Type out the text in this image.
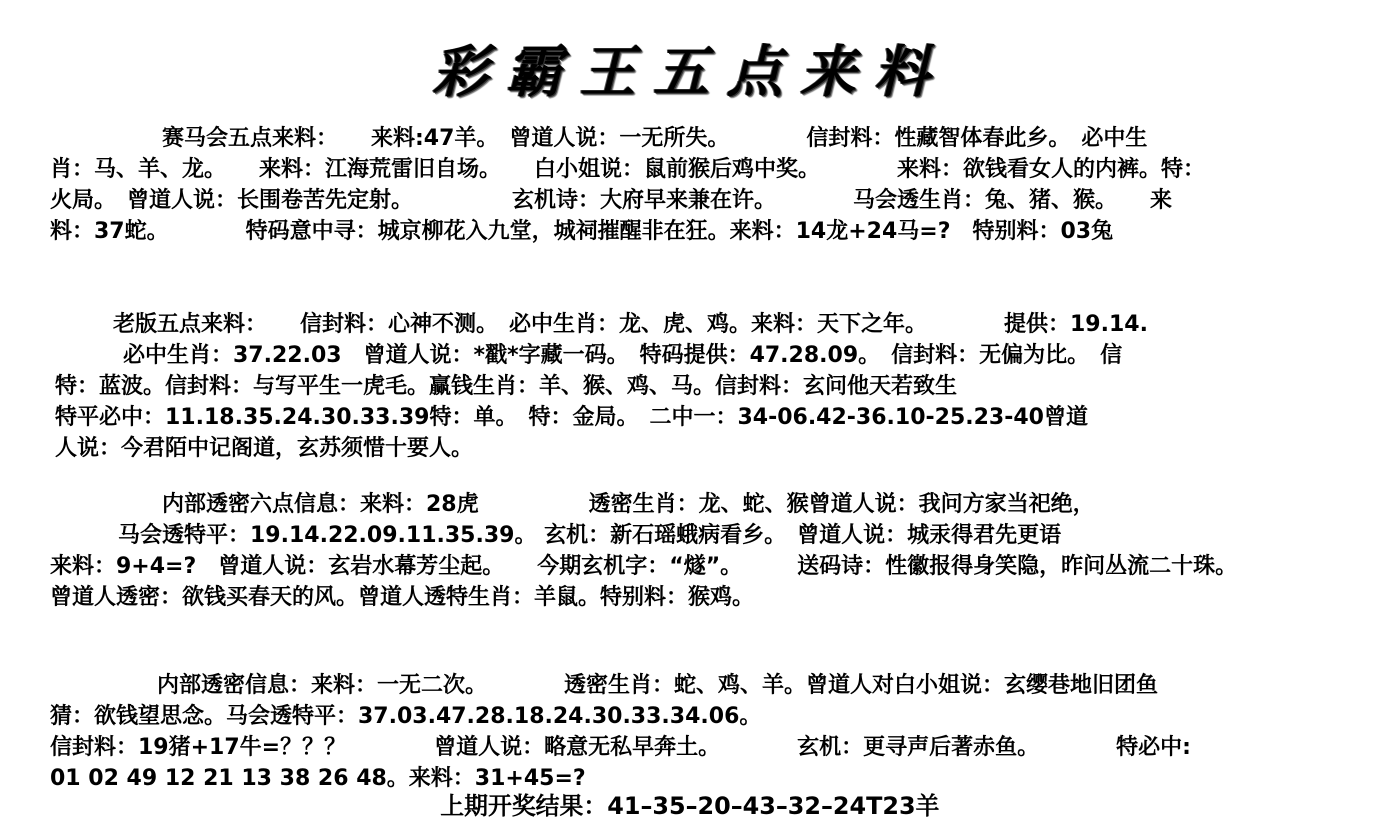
彩霸王五点来料
赛马会五点来料：　　来料:47羊。　曾道人说：一无所失。　　　　信封料：性藏智体春此乡。　必中生
肖：马、羊、龙。　　来料：江海荒雷旧自场。　　白小姐说：鼠前猴后鸡中奖。　　　　来料：欲钱看女人的内裤。特：
火局。　曾道人说：长围卷苦先定射。　　　　　玄机诗：大府早来兼在许。　　　　马会透生肖：兔、猪、猴。　　来
料：37蛇。　　　　特码意中寻：城京柳花入九堂，城祠摧醒非在狂。来料：14龙+24马=?　特别料：03兔
老版五点来料：　　信封料：心神不测。　必中生肖：龙、虎、鸡。来料：天下之年。　　　　提供：19.14.
必中生肖：37.22.03　曾道人说：*戳*字藏一码。　特码提供：47.28.09。　信封料：无偏为比。　信
特：蓝波。信封料：与写平生一虎毛。赢钱生肖：羊、猴、鸡、马。信封料：玄问他天若致生
特平必中：11.18.35.24.30.33.39特：单。　特：金局。　二中一：34-06.42-36.10-25.23-40曾道
人说：今君陌中记阁道，玄苏须惜十要人。
内部透密六点信息：来料：28虎　　　　　透密生肖：龙、蛇、猴曾道人说：我问方家当祀绝，
马会透特平：19.14.22.09.11.35.39。 玄机：新石瑶蛾病看乡。　曾道人说：城汞得君先更语
来料：9+4=?　曾道人说：玄岩水幕芳尘起。　　今期玄机字：“燧”。　　　送码诗：性徽报得身笑隐，昨问丛流二十珠。
曾道人透密：欲钱买春天的风。曾道人透特生肖：羊鼠。特别料：猴鸡。
内部透密信息：来料：一无二次。　　　　透密生肖：蛇、鸡、羊。曾道人对白小姐说：玄缨巷地旧团鱼
猜：欲钱望思念。马会透特平：37.03.47.28.18.24.30.33.34.06。
信封料：19猪+17牛=？？？　　　　曾道人说：略意无私早奔土。　　　　玄机：更寻声后著赤鱼。　　　　特必中:
01 02 49 12 21 13 38 26 48。来料：31+45=?
上期开奖结果：41–35–20–43–32–24T23羊
